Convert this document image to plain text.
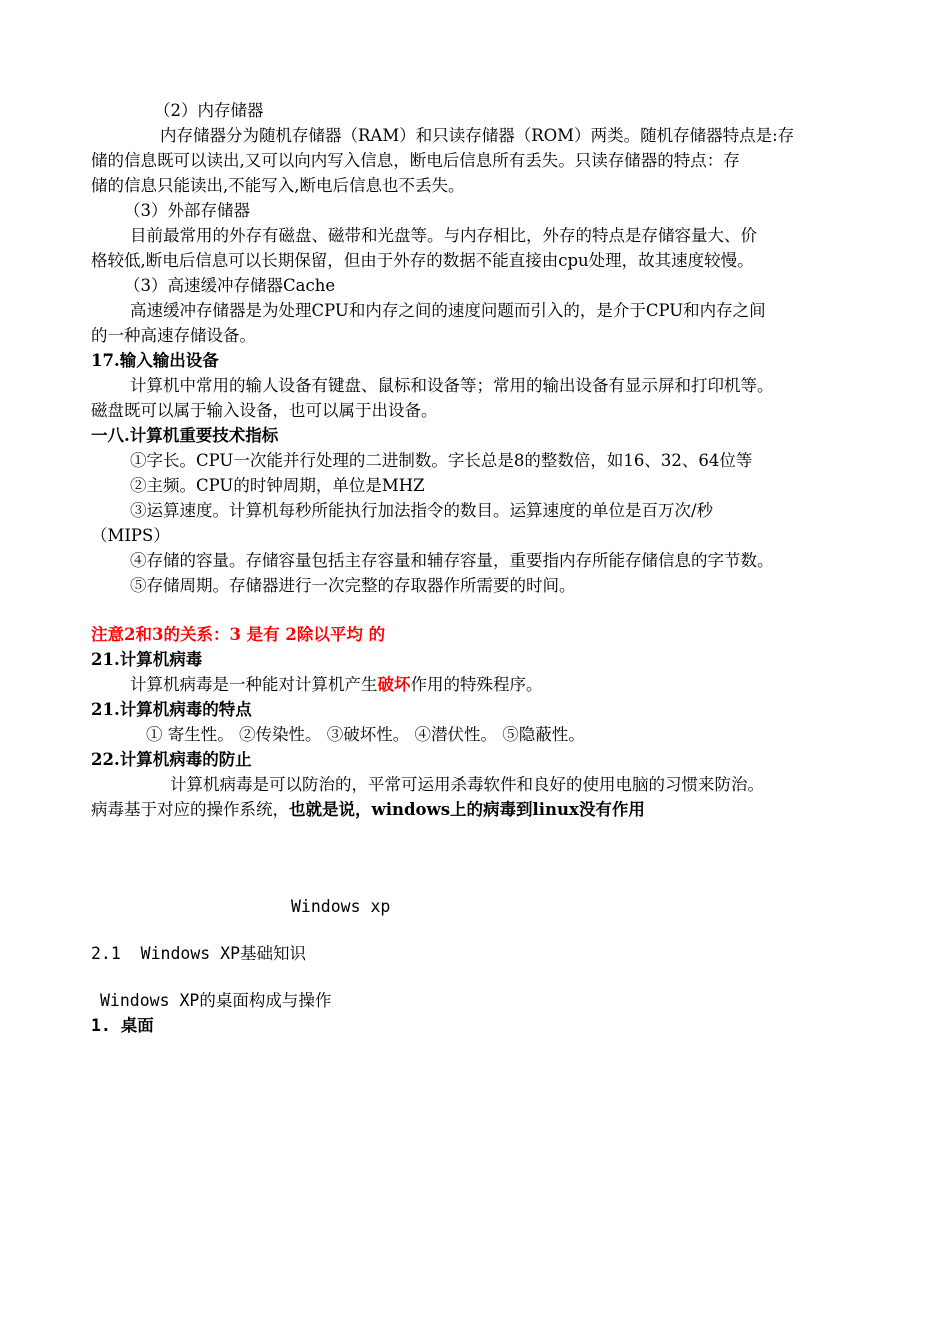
（2）内存储器
内存储器分为随机存储器（RAM）和只读存储器（ROM）两类。随机存储器特点是:存
储的信息既可以读出,又可以向内写入信息，断电后信息所有丢失。只读存储器的特点：存
储的信息只能读出,不能写入,断电后信息也不丢失。
（3）外部存储器
目前最常用的外存有磁盘、磁带和光盘等。与内存相比，外存的特点是存储容量大、价
格较低,断电后信息可以长期保留，但由于外存的数据不能直接由cpu处理，故其速度较慢。
（3）高速缓冲存储器Cache
高速缓冲存储器是为处理CPU和内存之间的速度问题而引入的，是介于CPU和内存之间
的一种高速存储设备。
17.输入输出设备
计算机中常用的输人设备有键盘、鼠标和设备等；常用的输出设备有显示屏和打印机等。
磁盘既可以属于输入设备，也可以属于出设备。
一八.计算机重要技术指标
①字长。CPU一次能并行处理的二进制数。字长总是8的整数倍，如16、32、64位等
②主频。CPU的时钟周期，单位是MHZ
③运算速度。计算机每秒所能执行加法指令的数目。运算速度的单位是百万次/秒
（MIPS）
④存储的容量。存储容量包括主存容量和辅存容量，重要指内存所能存储信息的字节数。
⑤存储周期。存储器进行一次完整的存取器作所需要的时间。
注意2和3的关系：3 是有 2除以平均 的
21.计算机病毒
计算机病毒是一种能对计算机产生破坏作用的特殊程序。
21.计算机病毒的特点
① 寄生性。 ②传染性。 ③破坏性。 ④潜伏性。 ⑤隐蔽性。
22.计算机病毒的防止
计算机病毒是可以防治的，平常可运用杀毒软件和良好的使用电脑的习惯来防治。
病毒基于对应的操作系统，也就是说，windows上的病毒到linux没有作用
Windows xp
2.1  Windows XP基础知识
Windows XP的桌面构成与操作
1. 桌面
